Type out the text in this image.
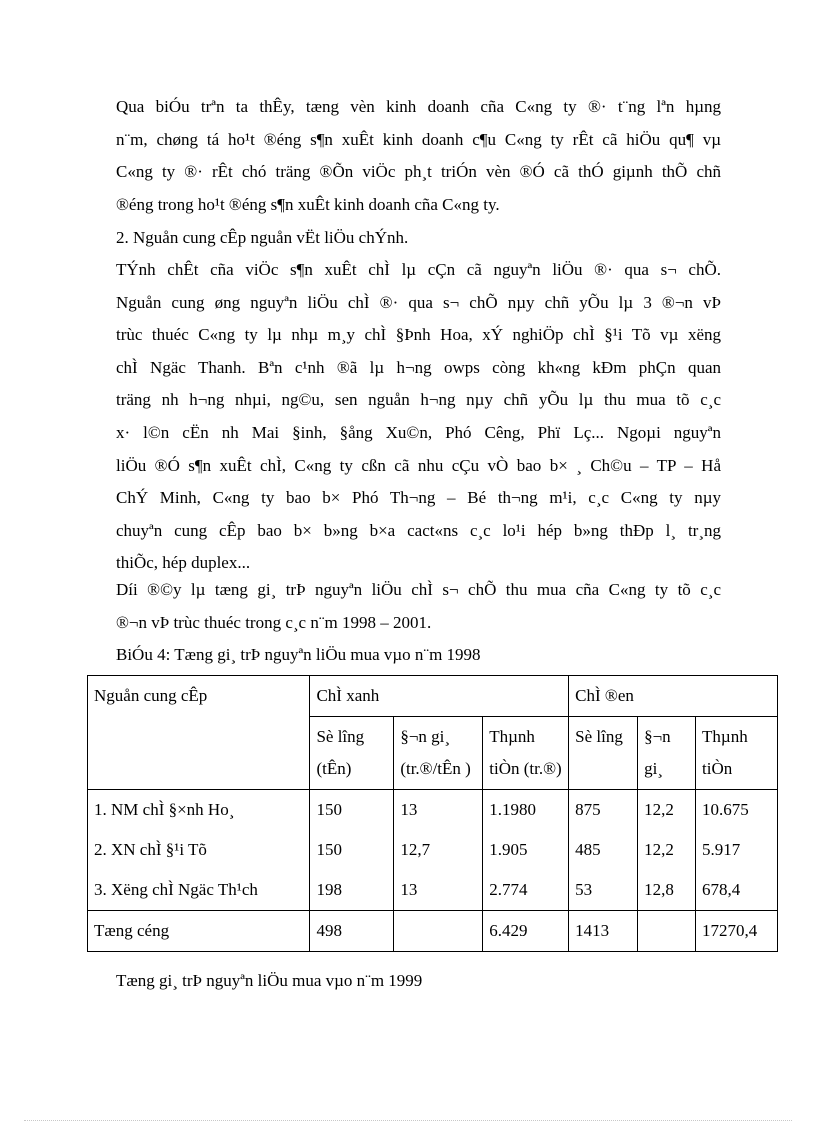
Qua biÓu trªn ta thÊy, tæng vèn kinh doanh cña C«ng ty ®· t¨ng lªn hµng
n¨m, chøng tá ho¹t ®éng s¶n xuÊt kinh doanh c¶u C«ng ty rÊt cã hiÖu qu¶ vµ
C«ng ty ®· rÊt chó träng ®Õn viÖc ph¸t triÓn vèn ®Ó cã thÓ giµnh thÕ chñ
®éng trong ho¹t ®éng s¶n xuÊt kinh doanh cña C«ng ty.
2. Nguån cung cÊp nguån vËt liÖu chÝnh.
TÝnh chÊt cña viÖc s¶n xuÊt chÌ lµ cÇn cã nguyªn liÖu ®· qua s¬ chÕ.
Nguån cung øng nguyªn liÖu chÌ ®· qua s¬ chÕ nµy chñ yÕu lµ 3 ®¬n vÞ
trùc thuéc C«ng ty lµ nhµ m¸y chÌ §Þnh Hoa, xÝ nghiÖp chÌ §¹i Tõ vµ xëng
chÌ Ngäc Thanh. Bªn c¹nh ®ã lµ h¬ng owps còng kh«ng kÐm phÇn quan
träng nh h¬ng nhµi, ng©u, sen nguån h¬ng nµy chñ yÕu lµ thu mua tõ c¸c
x· l©n cËn nh Mai §inh, §ång Xu©n, Phó Cêng, Phï Lç... Ngoµi nguyªn
liÖu ®Ó s¶n xuÊt chÌ, C«ng ty cßn cã nhu cÇu vÒ bao b× ¸ Ch©u – TP – Hå
ChÝ Minh, C«ng ty bao b× Phó Th¬ng – Bé th¬ng m¹i, c¸c C«ng ty nµy
chuyªn cung cÊp bao b× b»ng b×a cact«ns c¸c lo¹i hép b»ng thÐp l¸ tr¸ng
thiÕc, hép duplex...
Díi ®©y lµ tæng gi¸ trÞ nguyªn liÖu chÌ s¬ chÕ thu mua cña C«ng ty tõ c¸c
®¬n vÞ trùc thuéc trong c¸c n¨m 1998 – 2001.
BiÓu 4: Tæng gi¸ trÞ nguyªn liÖu mua vµo n¨m 1998
Nguån cung cÊp	ChÌ xanh			ChÌ ®en		
	Sè lîng (tÊn)	§¬n gi¸ (tr.®/tÊn )	Thµnh tiÒn (tr.®)	Sè lîng	§¬n gi¸	Thµnh tiÒn
1. NM chÌ §×nh Ho¸	150	13	1.1980	875	12,2	10.675
2. XN chÌ §¹i Tõ	150	12,7	1.905	485	12,2	5.917
3. Xëng chÌ Ngäc Th¹ch	198	13	2.774	53	12,8	678,4
Tæng céng	498		6.429	1413		17270,4
Tæng gi¸ trÞ nguyªn liÖu mua vµo n¨m 1999
